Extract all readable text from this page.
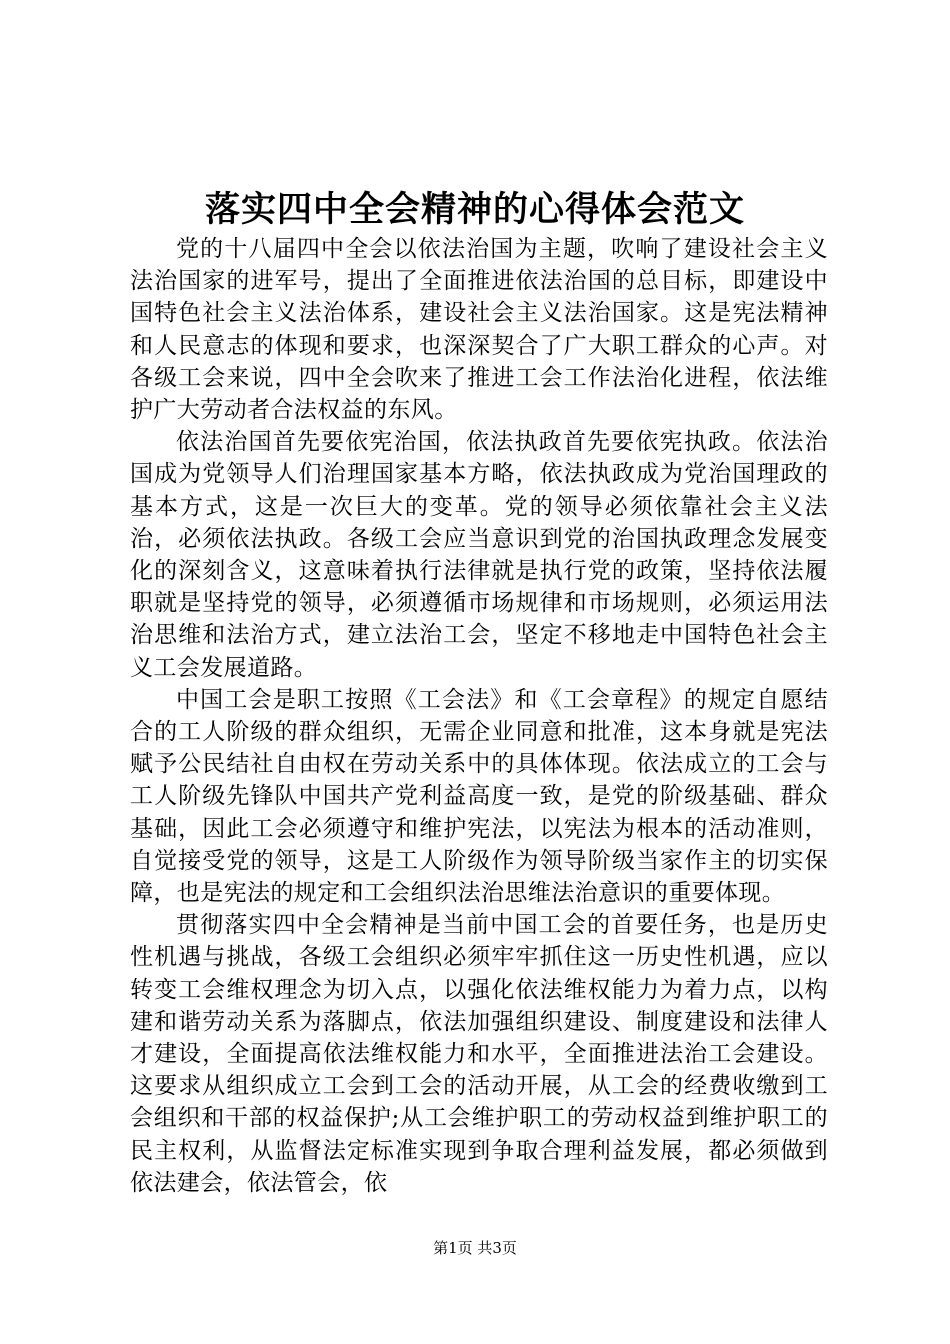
落实四中全会精神的心得体会范文

党的十八届四中全会以依法治国为主题，吹响了建设社会主义法治国家的进军号，提出了全面推进依法治国的总目标，即建设中国特色社会主义法治体系，建设社会主义法治国家。这是宪法精神和人民意志的体现和要求，也深深契合了广大职工群众的心声。对各级工会来说，四中全会吹来了推进工会工作法治化进程，依法维护广大劳动者合法权益的东风。

依法治国首先要依宪治国，依法执政首先要依宪执政。依法治国成为党领导人们治理国家基本方略，依法执政成为党治国理政的基本方式，这是一次巨大的变革。党的领导必须依靠社会主义法治，必须依法执政。各级工会应当意识到党的治国执政理念发展变化的深刻含义，这意味着执行法律就是执行党的政策，坚持依法履职就是坚持党的领导，必须遵循市场规律和市场规则，必须运用法治思维和法治方式，建立法治工会，坚定不移地走中国特色社会主义工会发展道路。

中国工会是职工按照《工会法》和《工会章程》的规定自愿结合的工人阶级的群众组织，无需企业同意和批准，这本身就是宪法赋予公民结社自由权在劳动关系中的具体体现。依法成立的工会与工人阶级先锋队中国共产党利益高度一致，是党的阶级基础、群众基础，因此工会必须遵守和维护宪法，以宪法为根本的活动准则，自觉接受党的领导，这是工人阶级作为领导阶级当家作主的切实保障，也是宪法的规定和工会组织法治思维法治意识的重要体现。

贯彻落实四中全会精神是当前中国工会的首要任务，也是历史性机遇与挑战，各级工会组织必须牢牢抓住这一历史性机遇，应以转变工会维权理念为切入点，以强化依法维权能力为着力点，以构建和谐劳动关系为落脚点，依法加强组织建设、制度建设和法律人才建设，全面提高依法维权能力和水平，全面推进法治工会建设。这要求从组织成立工会到工会的活动开展，从工会的经费收缴到工会组织和干部的权益保护;从工会维护职工的劳动权益到维护职工的民主权利，从监督法定标准实现到争取合理利益发展，都必须做到依法建会，依法管会，依

第1页 共3页
